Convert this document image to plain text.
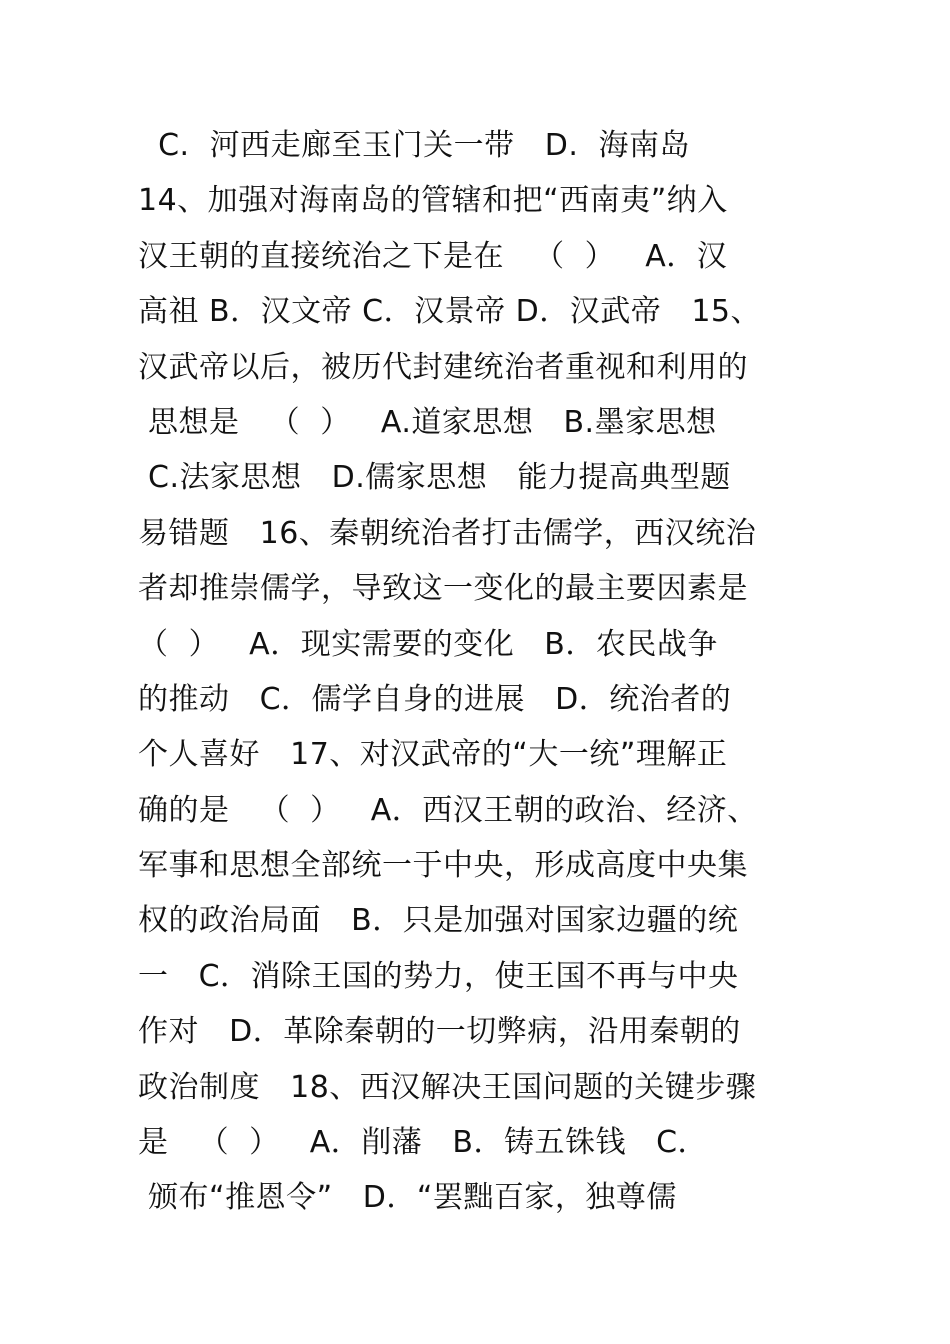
C.  河西走廊至玉门关一带   D.  海南岛
14、加强对海南岛的管辖和把“西南夷”纳入
汉王朝的直接统治之下是在   （  ）   A．汉
高祖 B．汉文帝 C．汉景帝 D．汉武帝   15、
汉武帝以后，被历代封建统治者重视和利用的
思想是   （  ）   A.道家思想   B.墨家思想
C.法家思想   D.儒家思想   能力提高典型题
易错题   16、秦朝统治者打击儒学，西汉统治
者却推崇儒学，导致这一变化的最主要因素是
（  ）   A．现实需要的变化   B．农民战争
的推动   C．儒学自身的进展   D．统治者的
个人喜好   17、对汉武帝的“大一统”理解正
确的是   （  ）   A．西汉王朝的政治、经济、
军事和思想全部统一于中央，形成高度中央集
权的政治局面   B．只是加强对国家边疆的统
一   C．消除王国的势力，使王国不再与中央
作对   D．革除秦朝的一切弊病，沿用秦朝的
政治制度   18、西汉解决王国问题的关键步骤
是   （  ）   A．削藩   B．铸五铢钱   C．
颁布“推恩令”   D．“罢黜百家，独尊儒
